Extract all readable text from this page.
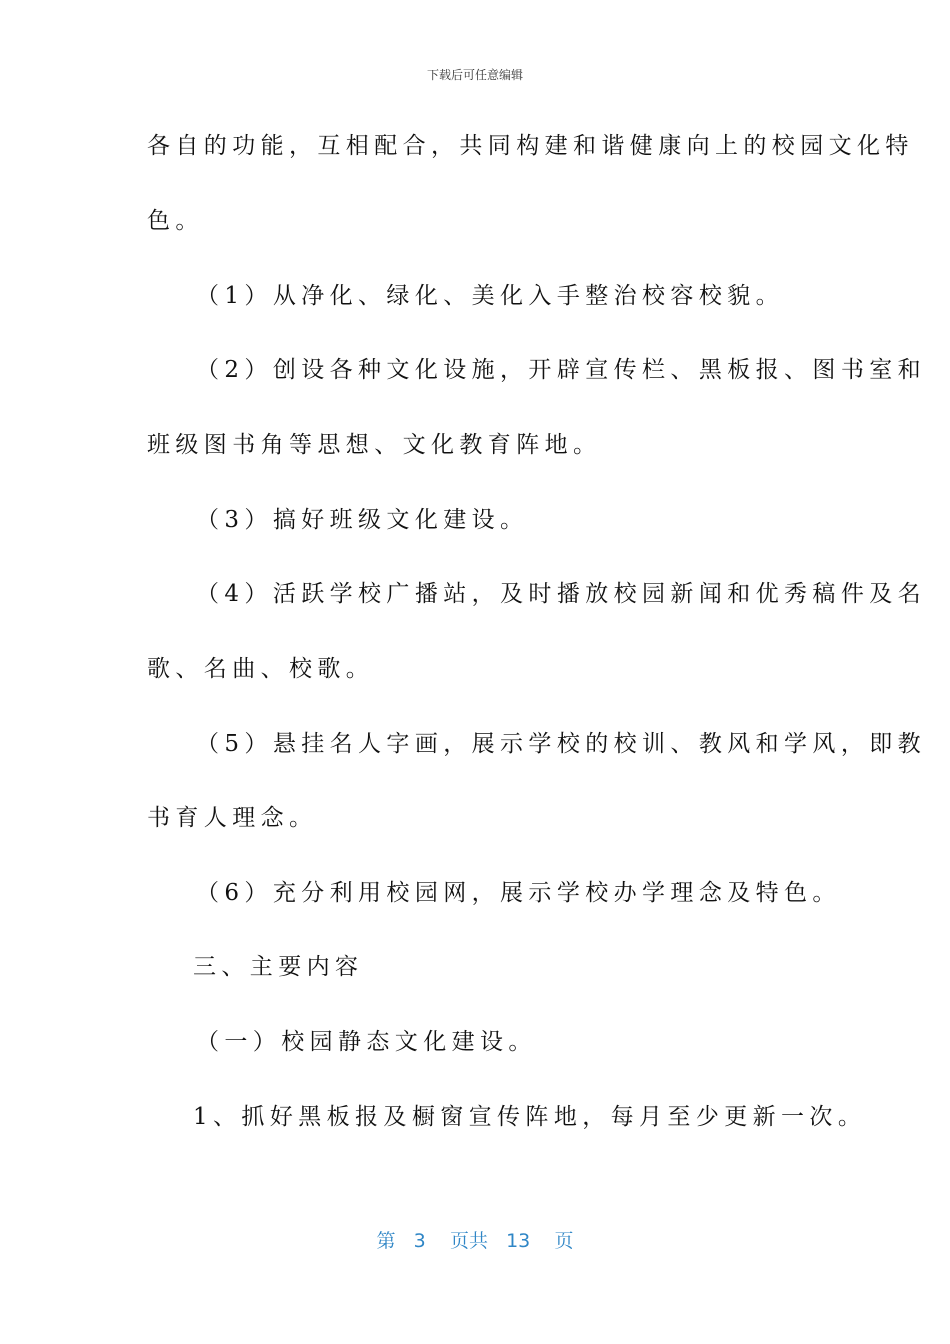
下载后可任意编辑
各自的功能，互相配合，共同构建和谐健康向上的校园文化特
色。
（1）从净化、绿化、美化入手整治校容校貌。
（2）创设各种文化设施，开辟宣传栏、黑板报、图书室和
班级图书角等思想、文化教育阵地。
（3）搞好班级文化建设。
（4）活跃学校广播站，及时播放校园新闻和优秀稿件及名
歌、名曲、校歌。
（5）悬挂名人字画，展示学校的校训、教风和学风，即教
书育人理念。
（6）充分利用校园网，展示学校办学理念及特色。
三、主要内容
（一）校园静态文化建设。
1、抓好黑板报及橱窗宣传阵地，每月至少更新一次。
第 3 页共 13 页
